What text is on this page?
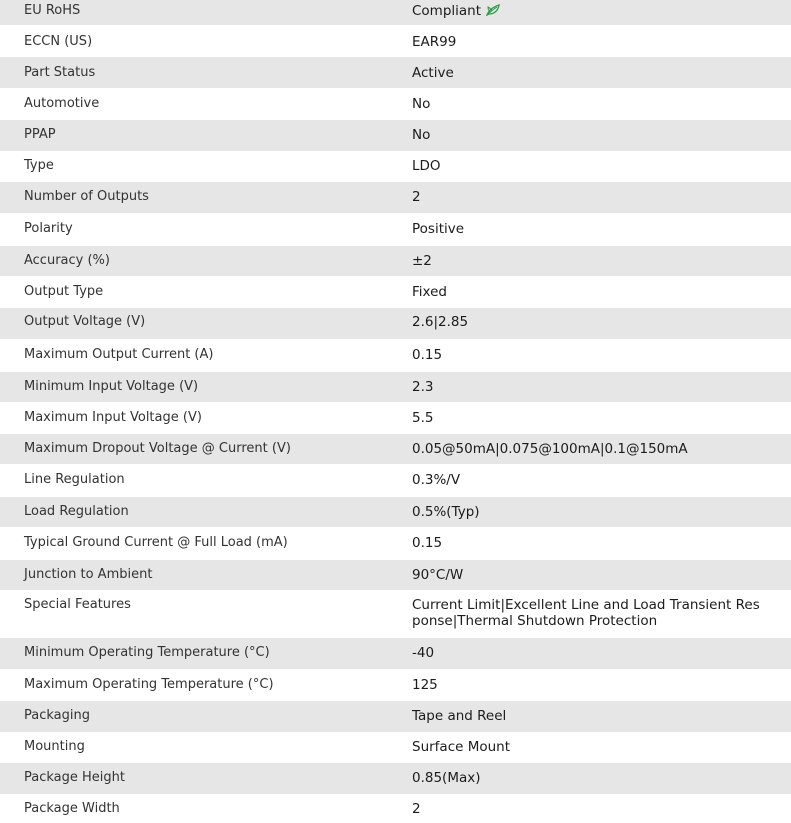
EU RoHS	Compliant
ECCN (US)	EAR99
Part Status	Active
Automotive	No
PPAP	No
Type	LDO
Number of Outputs	2
Polarity	Positive
Accuracy (%)	±2
Output Type	Fixed
Output Voltage (V)	2.6|2.85
Maximum Output Current (A)	0.15
Minimum Input Voltage (V)	2.3
Maximum Input Voltage (V)	5.5
Maximum Dropout Voltage @ Current (V)	0.05@50mA|0.075@100mA|0.1@150mA
Line Regulation	0.3%/V
Load Regulation	0.5%(Typ)
Typical Ground Current @ Full Load (mA)	0.15
Junction to Ambient	90°C/W
Special Features	Current Limit|Excellent Line and Load Transient Response|Thermal Shutdown Protection
Minimum Operating Temperature (°C)	-40
Maximum Operating Temperature (°C)	125
Packaging	Tape and Reel
Mounting	Surface Mount
Package Height	0.85(Max)
Package Width	2
